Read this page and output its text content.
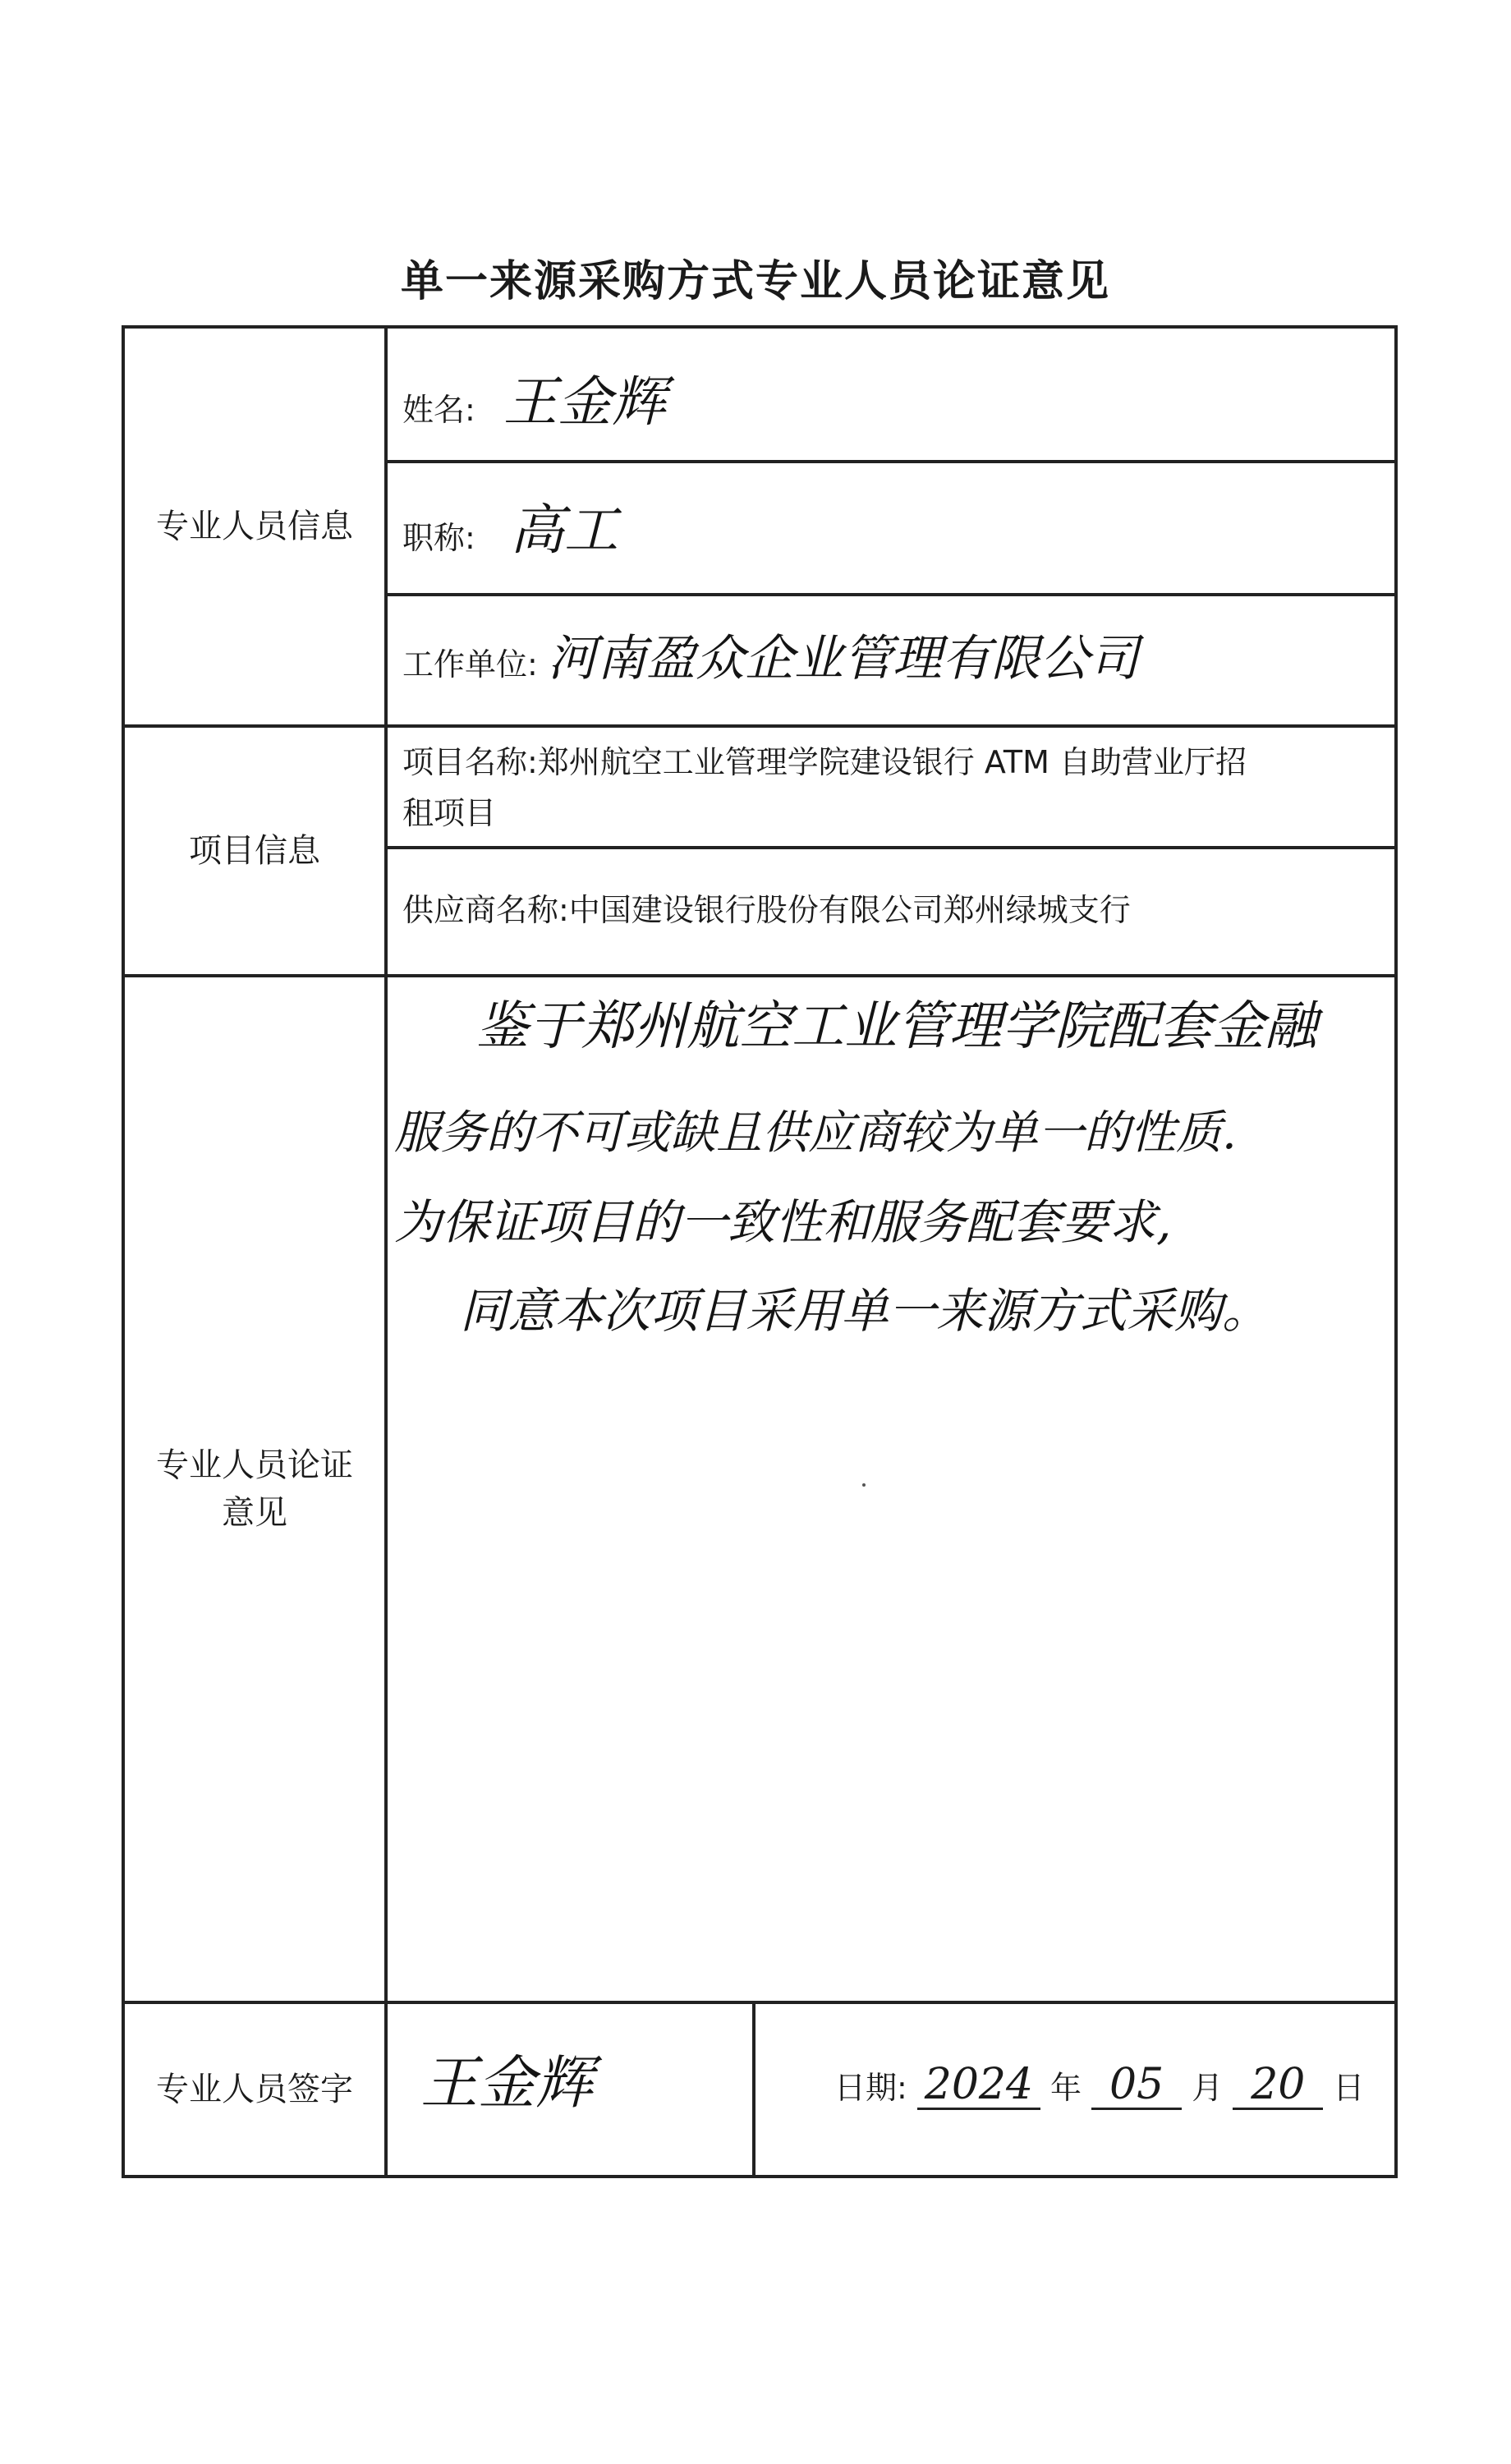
单一来源采购方式专业人员论证意见
专业人员信息
姓名: 王金辉
职称: 高工
工作单位: 河南盈众企业管理有限公司
项目信息
项目名称:郑州航空工业管理学院建设银行 ATM 自助营业厅招
租项目
供应商名称:中国建设银行股份有限公司郑州绿城支行
专业人员论证
意见
专业人员签字	王金辉	日期: 2024 年 05 月 20 日
鉴于郑州航空工业管理学院配套金融
服务的不可或缺且供应商较为单一的性质.
为保证项目的一致性和服务配套要求,
同意本次项目采用单一来源方式采购。
